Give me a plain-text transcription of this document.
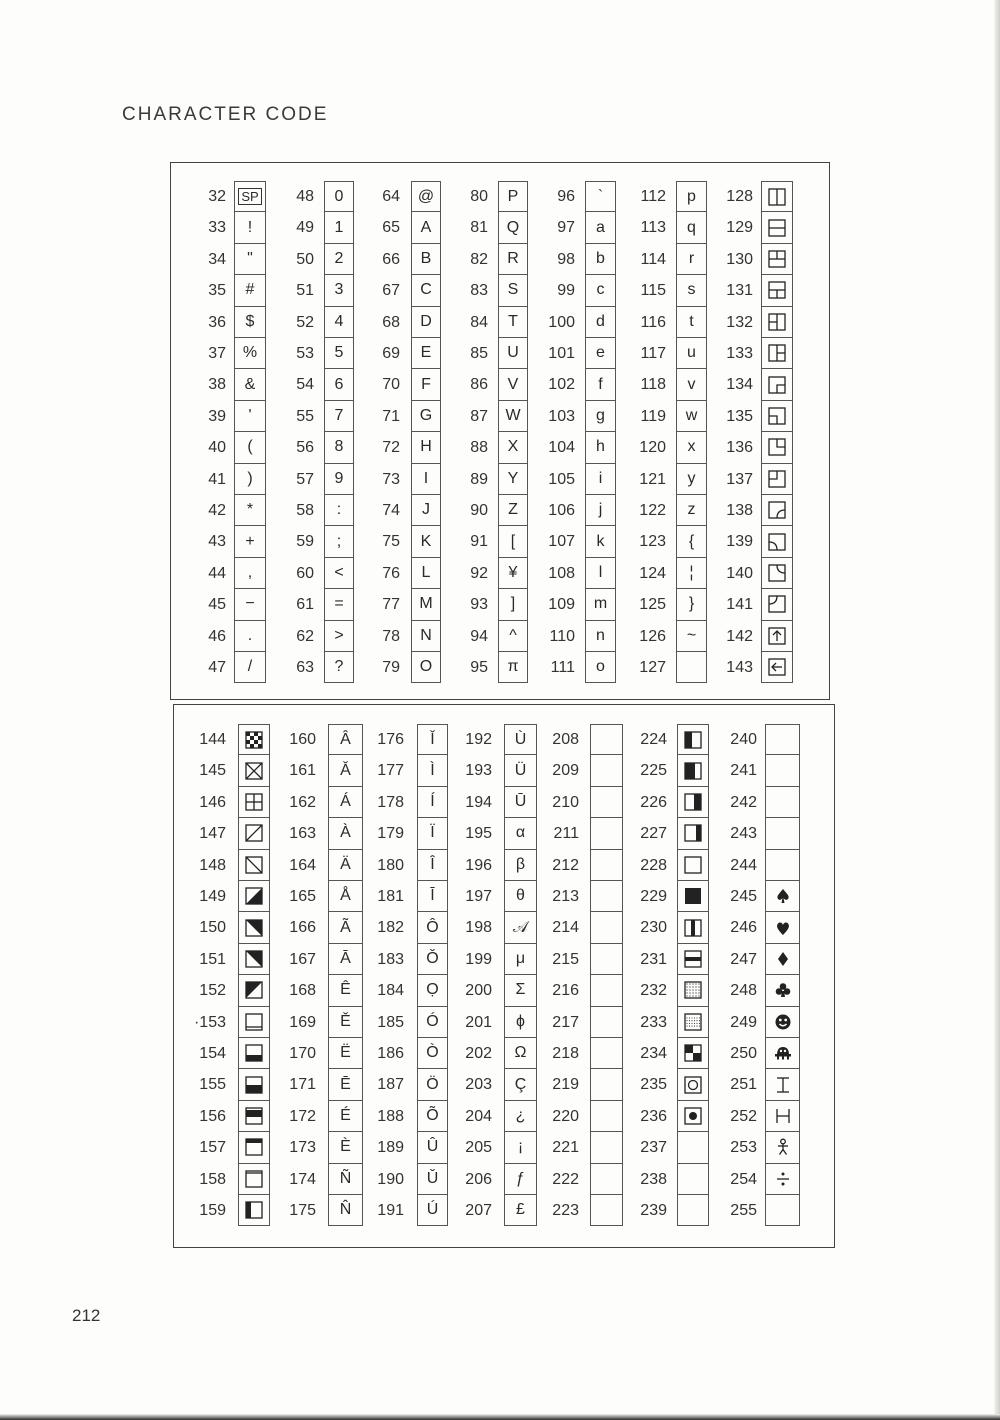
CHARACTER CODE
212
32 SP
33 !
34 "
35 #
36 $
37 %
38 &
39 '
40 (
41 )
42 *
43 +
44 ,
45 −
46 .
47 /
48 0
49 1
50 2
51 3
52 4
53 5
54 6
55 7
56 8
57 9
58 :
59 ;
60 <
61 =
62 >
63 ?
64 @
65 A
66 B
67 C
68 D
69 E
70 F
71 G
72 H
73 I
74 J
75 K
76 L
77 M
78 N
79 O
80 P
81 Q
82 R
83 S
84 T
85 U
86 V
87 W
88 X
89 Y
90 Z
91 [
92 ¥
93 ]
94 ^
95 π
96 `
97 a
98 b
99 c
100 d
101 e
102 f
103 g
104 h
105 i
106 j
107 k
108 l
109 m
110 n
111 o
112 p
113 q
114 r
115 s
116 t
117 u
118 v
119 w
120 x
121 y
122 z
123 {
124 ¦
125 }
126 ~
127
128
129
130
131
132
133
134
135
136
137
138
139
140
141
142
143
144
145
146
147
148
149
150
151
152
·153
154
155
156
157
158
159
160 Â
161 Ǎ
162 Á
163 À
164 Ä
165 Å
166 Ã
167 Ā
168 Ê
169 Ě
170 Ë
171 Ē
172 É
173 È
174 Ñ
175 N̂
176 Ǐ
177 Ì
178 Í
179 Ï
180 Î
181 Ī
182 Ô
183 Ǒ
184 Ọ
185 Ó
186 Ò
187 Ö
188 Õ
189 Û
190 Ǔ
191 Ú
192 Ù
193 Ü
194 Ū
195 α
196 β
197 θ
198 𝒜
199 μ
200 Σ
201 ϕ
202 Ω
203 Ç
204 ¿
205 ¡
206 ƒ
207 £
208
209
210
211
212
213
214
215
216
217
218
219
220
221
222
223
224
225
226
227
228
229
230
231
232
233
234
235
236
237
238
239
240
241
242
243
244
245
246
247
248
249
250
251
252
253
254
255
